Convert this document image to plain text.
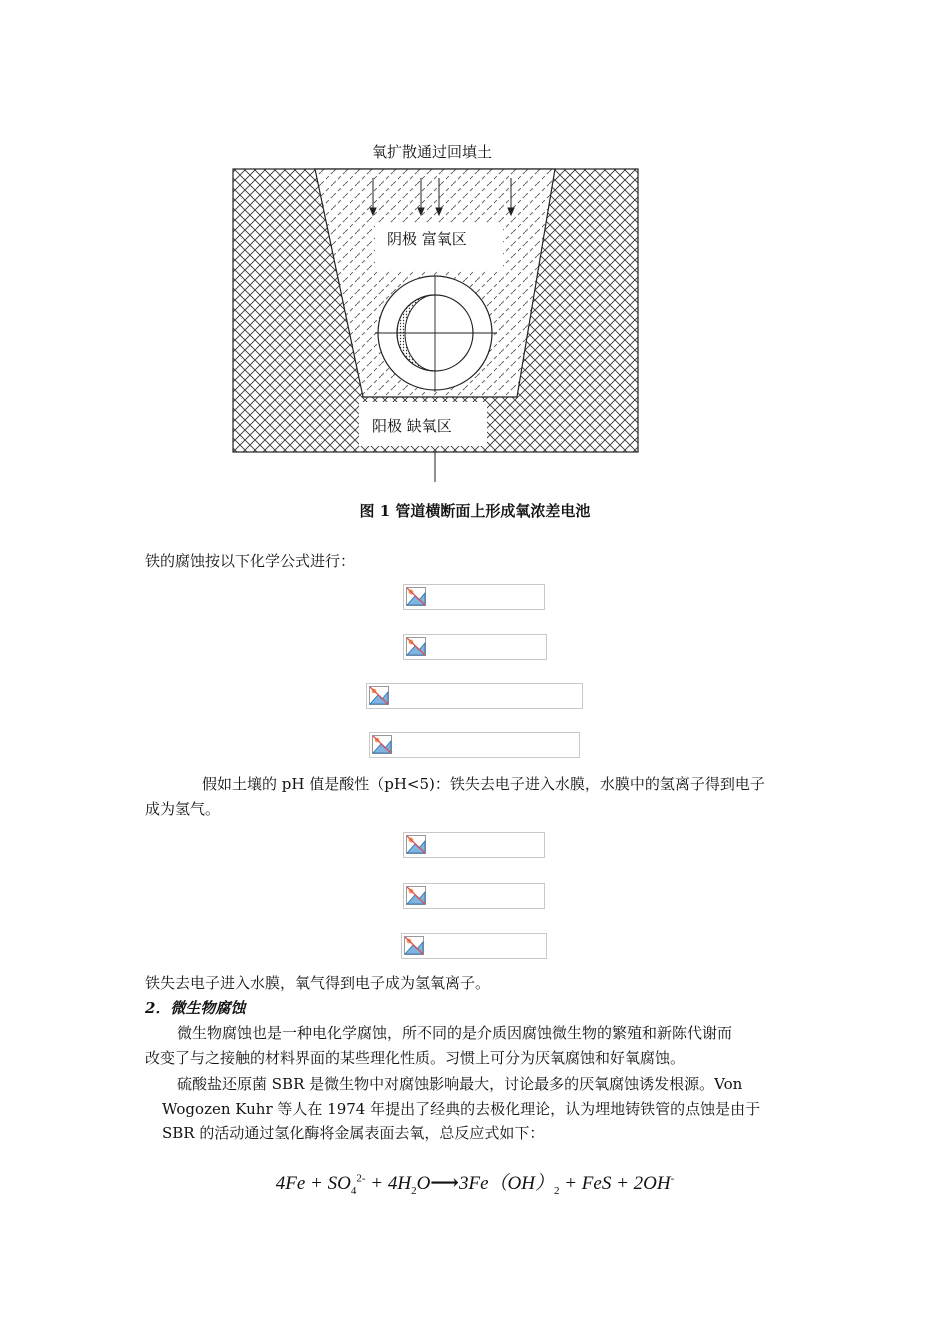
氧扩散通过回填土
阴极 富氧区
阳极 缺氧区
图 1 管道横断面上形成氧浓差电池
铁的腐蚀按以下化学公式进行：
假如土壤的 pH 值是酸性（pH<5)：铁失去电子进入水膜，水膜中的氢离子得到电子
成为氢气。
铁失去电子进入水膜，氧气得到电子成为氢氧离子。
2．微生物腐蚀
微生物腐蚀也是一种电化学腐蚀，所不同的是介质因腐蚀微生物的繁殖和新陈代谢而
改变了与之接触的材料界面的某些理化性质。习惯上可分为厌氧腐蚀和好氧腐蚀。
硫酸盐还原菌 SBR 是微生物中对腐蚀影响最大，讨论最多的厌氧腐蚀诱发根源。Von
Wogozen Kuhr 等人在 1974 年提出了经典的去极化理论，认为埋地铸铁管的点蚀是由于
SBR 的活动通过氢化酶将金属表面去氧，总反应式如下：
$4Fe + SO_4^{2-}$ + $4H_2O⟶3Fe(OH)_2$ + FeS + 2OH-
